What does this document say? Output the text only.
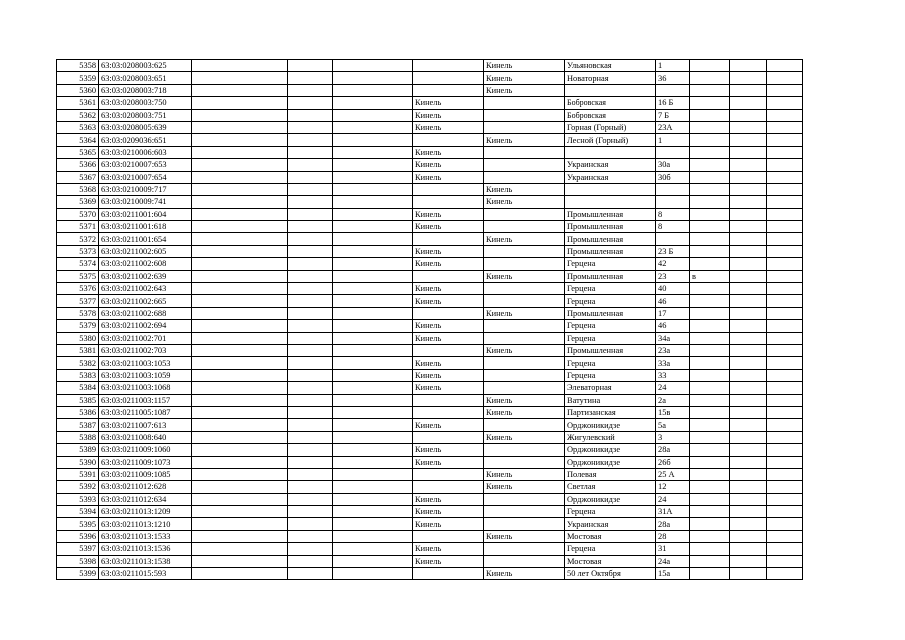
5358	63:03:0208003:625					Кинель	Ульяновская	1			
5359	63:03:0208003:651					Кинель	Новаторная	36			
5360	63:03:0208003:718					Кинель					
5361	63:03:0208003:750				Кинель		Бобровская	16 Б			
5362	63:03:0208003:751				Кинель		Бобровская	7 Б			
5363	63:03:0208005:639				Кинель		Горная (Горный)	23А			
5364	63:03:0209036:651					Кинель	Лесной (Горный)	1			
5365	63:03:0210006:603				Кинель						
5366	63:03:0210007:653				Кинель		Украинская	30а			
5367	63:03:0210007:654				Кинель		Украинская	30б			
5368	63:03:0210009:717					Кинель					
5369	63:03:0210009:741					Кинель					
5370	63:03:0211001:604				Кинель		Промышленная	8			
5371	63:03:0211001:618				Кинель		Промышленная	8			
5372	63:03:0211001:654					Кинель	Промышленная				
5373	63:03:0211002:605				Кинель		Промышленная	23 Б			
5374	63:03:0211002:608				Кинель		Герцена	42			
5375	63:03:0211002:639					Кинель	Промышленная	23	в		
5376	63:03:0211002:643				Кинель		Герцена	40			
5377	63:03:0211002:665				Кинель		Герцена	46			
5378	63:03:0211002:688					Кинель	Промышленная	17			
5379	63:03:0211002:694				Кинель		Герцена	46			
5380	63:03:0211002:701				Кинель		Герцена	34а			
5381	63:03:0211002:703					Кинель	Промышленная	23а			
5382	63:03:0211003:1053				Кинель		Герцена	33а			
5383	63:03:0211003:1059				Кинель		Герцена	33			
5384	63:03:0211003:1068				Кинель		Элеваторная	24			
5385	63:03:0211003:1157					Кинель	Ватутина	2а			
5386	63:03:0211005:1087					Кинель	Партизанская	15в			
5387	63:03:0211007:613				Кинель		Орджоникидзе	5а			
5388	63:03:0211008:640					Кинель	Жигулевский	3			
5389	63:03:0211009:1060				Кинель		Орджоникидзе	28а			
5390	63:03:0211009:1073				Кинель		Орджоникидзе	26б			
5391	63:03:0211009:1085					Кинель	Полевая	25 А			
5392	63:03:0211012:628					Кинель	Светлая	12			
5393	63:03:0211012:634				Кинель		Орджоникидзе	24			
5394	63:03:0211013:1209				Кинель		Герцена	31А			
5395	63:03:0211013:1210				Кинель		Украинская	28а			
5396	63:03:0211013:1533					Кинель	Мостовая	28			
5397	63:03:0211013:1536				Кинель		Герцена	31			
5398	63:03:0211013:1538				Кинель		Мостовая	24а			
5399	63:03:0211015:593					Кинель	50 лет Октября	15а			
